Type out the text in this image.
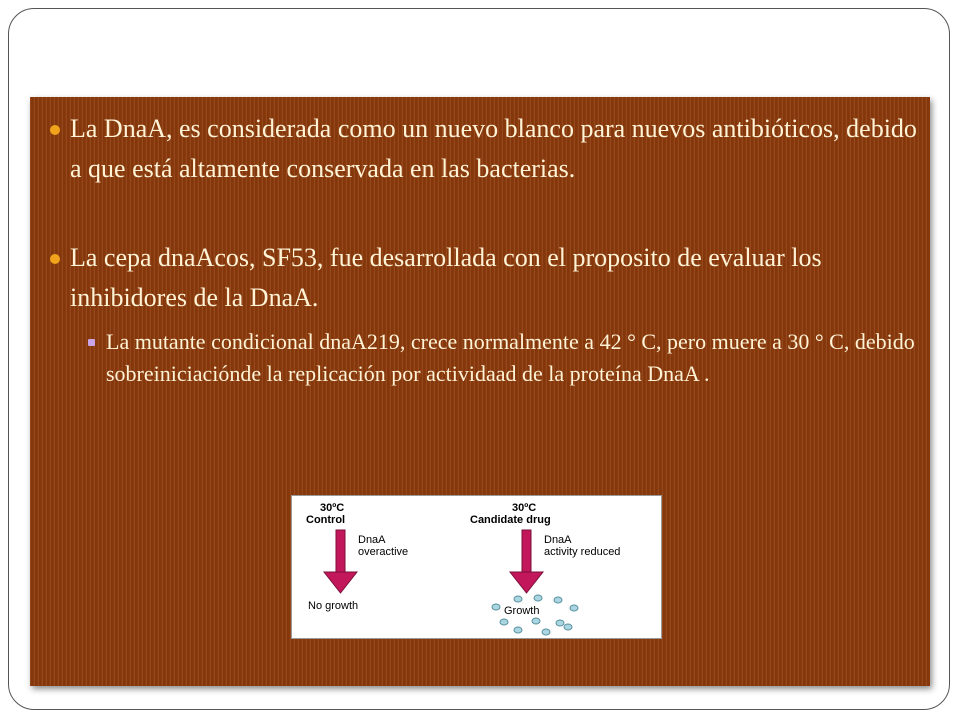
La DnaA, es considerada como un nuevo blanco para nuevos antibióticos, debido a que está altamente conservada en las bacterias.
La cepa dnaAcos, SF53, fue desarrollada con el proposito de evaluar los inhibidores de la DnaA.
La mutante condicional dnaA219, crece normalmente a 42 ° C, pero muere a 30 ° C, debido sobreiniciaciónde la replicación por actividaad de la proteína DnaA .
30ºC
Control
DnaA
overactive
No growth
30ºC
Candidate drug
DnaA
activity reduced
Growth
